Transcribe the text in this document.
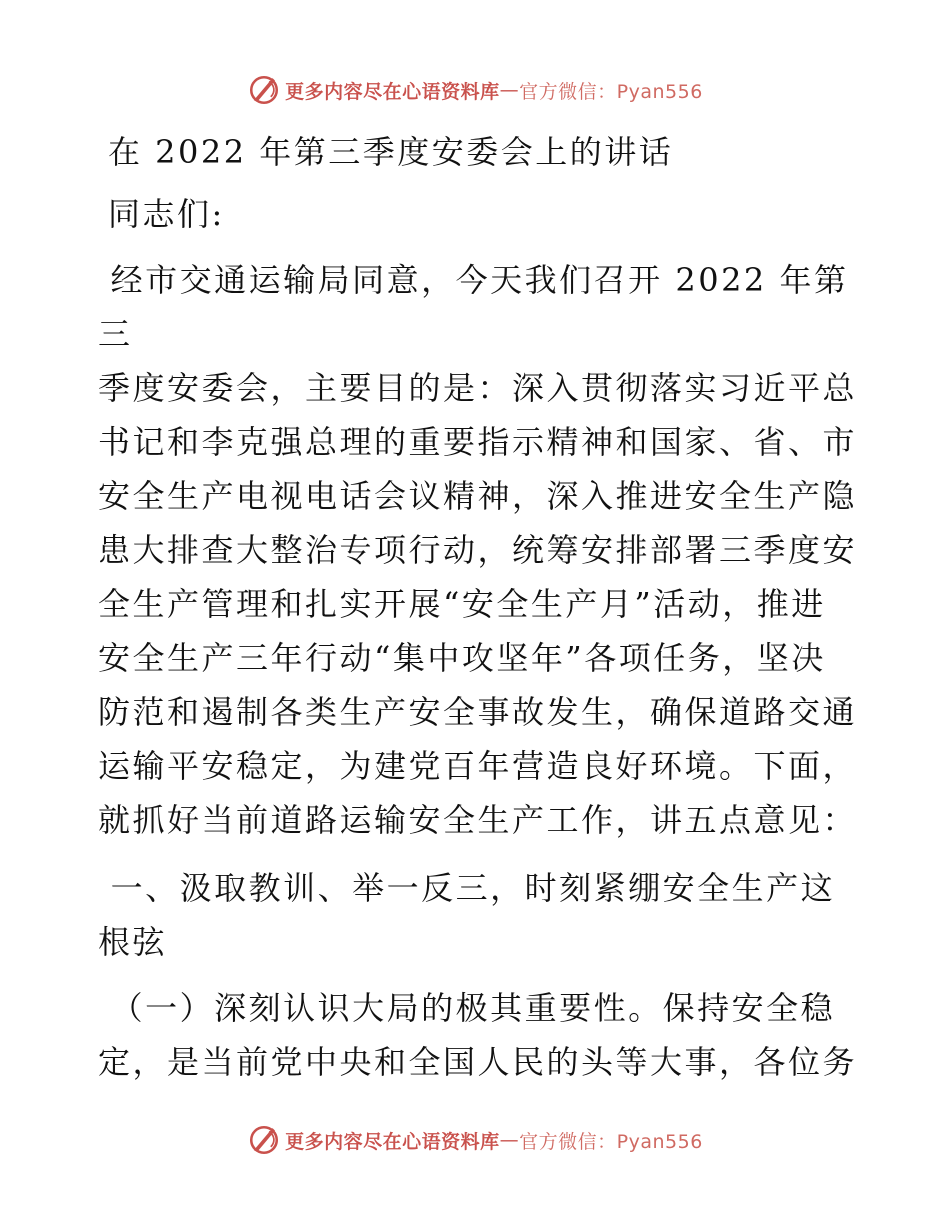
更多内容尽在心语资料库 — 官方微信：Pyan556

在 2022 年第三季度安委会上的讲话

同志们:

经市交通运输局同意，今天我们召开 2022 年第三

季度安委会，主要目的是：深入贯彻落实习近平总

书记和李克强总理的重要指示精神和国家、省、市

安全生产电视电话会议精神，深入推进安全生产隐

患大排查大整治专项行动，统筹安排部署三季度安

全生产管理和扎实开展“安全生产月”活动，推进

安全生产三年行动“集中攻坚年”各项任务，坚决

防范和遏制各类生产安全事故发生，确保道路交通

运输平安稳定，为建党百年营造良好环境。下面，

就抓好当前道路运输安全生产工作，讲五点意见：

一、汲取教训、举一反三，时刻紧绷安全生产这

根弦

（一）深刻认识大局的极其重要性。保持安全稳

定，是当前党中央和全国人民的头等大事，各位务

更多内容尽在心语资料库 — 官方微信：Pyan556
